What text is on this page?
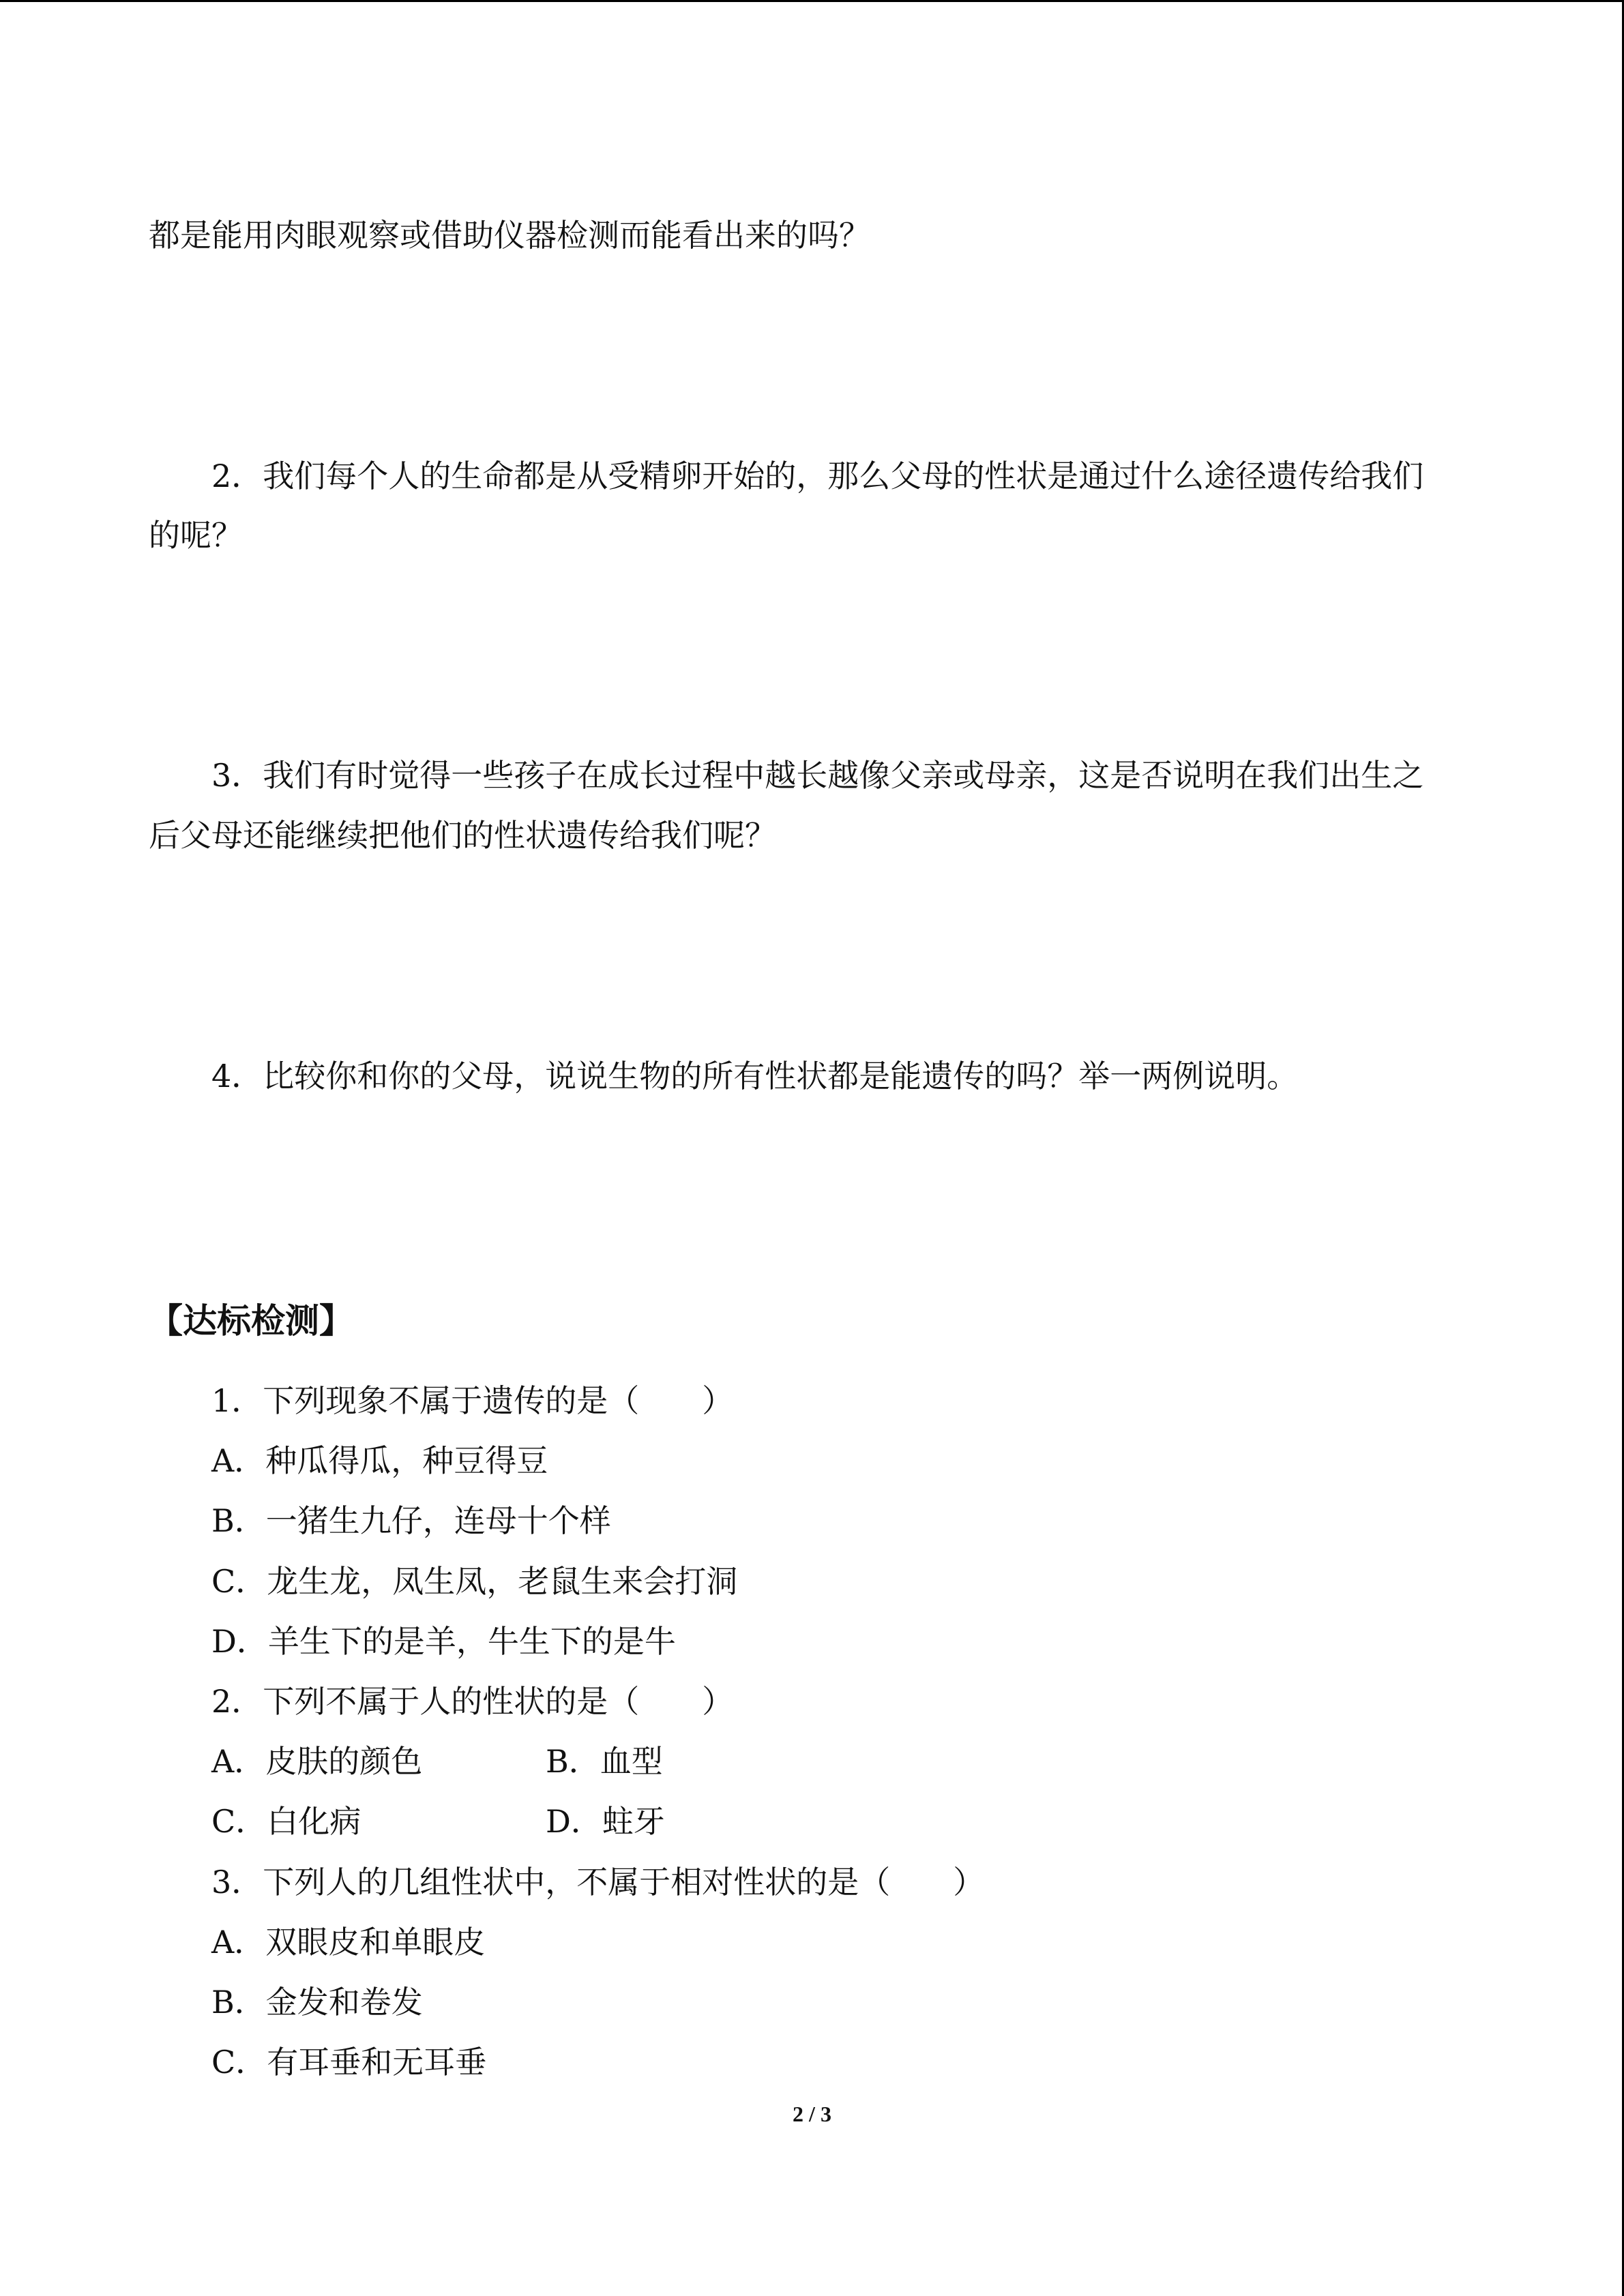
都是能用肉眼观察或借助仪器检测而能看出来的吗？
2．我们每个人的生命都是从受精卵开始的，那么父母的性状是通过什么途径遗传给我们
的呢？
3．我们有时觉得一些孩子在成长过程中越长越像父亲或母亲，这是否说明在我们出生之
后父母还能继续把他们的性状遗传给我们呢？
4．比较你和你的父母，说说生物的所有性状都是能遗传的吗？举一两例说明。
【达标检测】
1．下列现象不属于遗传的是（　　）
A．种瓜得瓜，种豆得豆
B．一猪生九仔，连母十个样
C．龙生龙，凤生凤，老鼠生来会打洞
D．羊生下的是羊，牛生下的是牛
2．下列不属于人的性状的是（　　）
A．皮肤的颜色	B．血型
C．白化病	D．蛀牙
3．下列人的几组性状中，不属于相对性状的是（　　）
A．双眼皮和单眼皮
B．金发和卷发
C．有耳垂和无耳垂
2 / 3
